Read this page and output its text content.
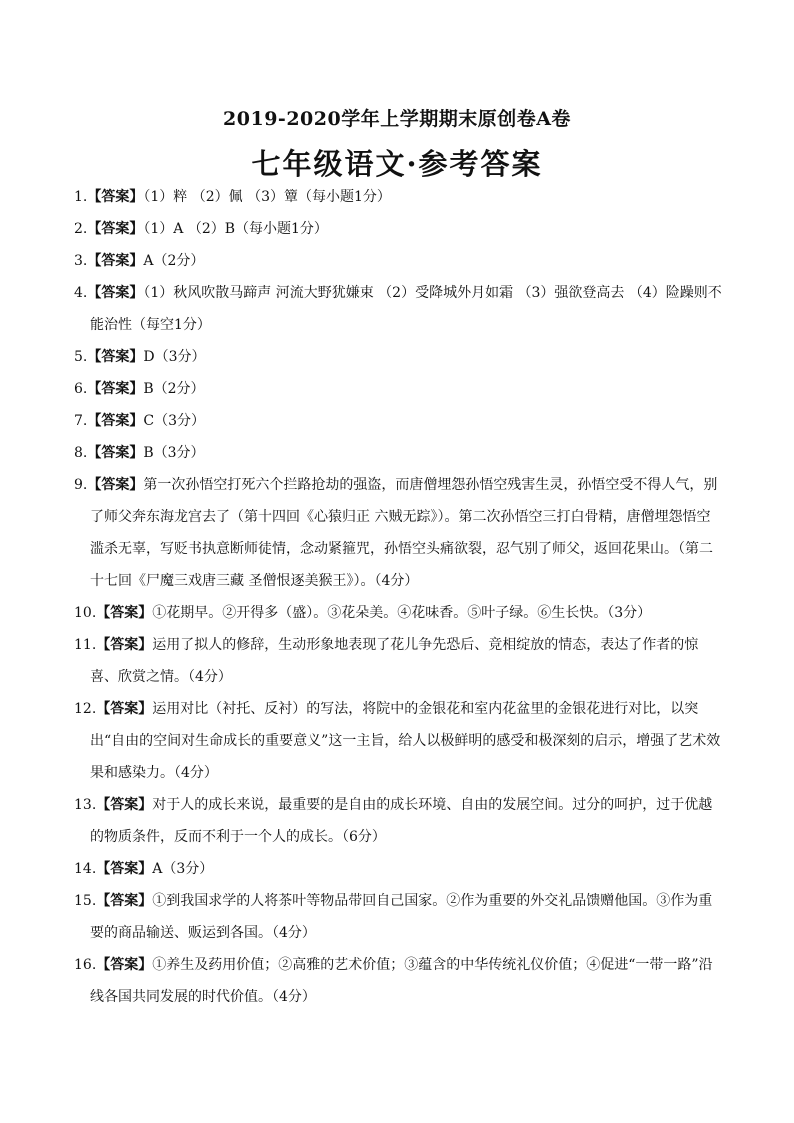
2019-2020学年上学期期末原创卷A卷
七年级语文·参考答案
1.【答案】（1）粹 （2）佩 （3）簟（每小题1分）
2.【答案】（1）A （2）B（每小题1分）
3.【答案】A（2分）
4.【答案】（1）秋风吹散马蹄声 河流大野犹嫌束 （2）受降城外月如霜 （3）强欲登高去 （4）险躁则不能治性（每空1分）
5.【答案】D（3分）
6.【答案】B（2分）
7.【答案】C（3分）
8.【答案】B（3分）
9.【答案】第一次孙悟空打死六个拦路抢劫的强盗，而唐僧埋怨孙悟空残害生灵，孙悟空受不得人气，别了师父奔东海龙宫去了（第十四回《心猿归正 六贼无踪》）。第二次孙悟空三打白骨精，唐僧埋怨悟空滥杀无辜，写贬书执意断师徒情，念动紧箍咒，孙悟空头痛欲裂，忍气别了师父，返回花果山。（第二十七回《尸魔三戏唐三藏 圣僧恨逐美猴王》）。（4分）
10.【答案】①花期早。②开得多（盛）。③花朵美。④花味香。⑤叶子绿。⑥生长快。（3分）
11.【答案】运用了拟人的修辞，生动形象地表现了花儿争先恐后、竞相绽放的情态，表达了作者的惊喜、欣赏之情。（4分）
12.【答案】运用对比（衬托、反衬）的写法，将院中的金银花和室内花盆里的金银花进行对比，以突出“自由的空间对生命成长的重要意义”这一主旨，给人以极鲜明的感受和极深刻的启示，增强了艺术效果和感染力。（4分）
13.【答案】对于人的成长来说，最重要的是自由的成长环境、自由的发展空间。过分的呵护，过于优越的物质条件，反而不利于一个人的成长。（6分）
14.【答案】A（3分）
15.【答案】①到我国求学的人将茶叶等物品带回自己国家。②作为重要的外交礼品馈赠他国。③作为重要的商品输送、贩运到各国。（4分）
16.【答案】①养生及药用价值；②高雅的艺术价值；③蕴含的中华传统礼仪价值；④促进“一带一路”沿线各国共同发展的时代价值。（4分）
